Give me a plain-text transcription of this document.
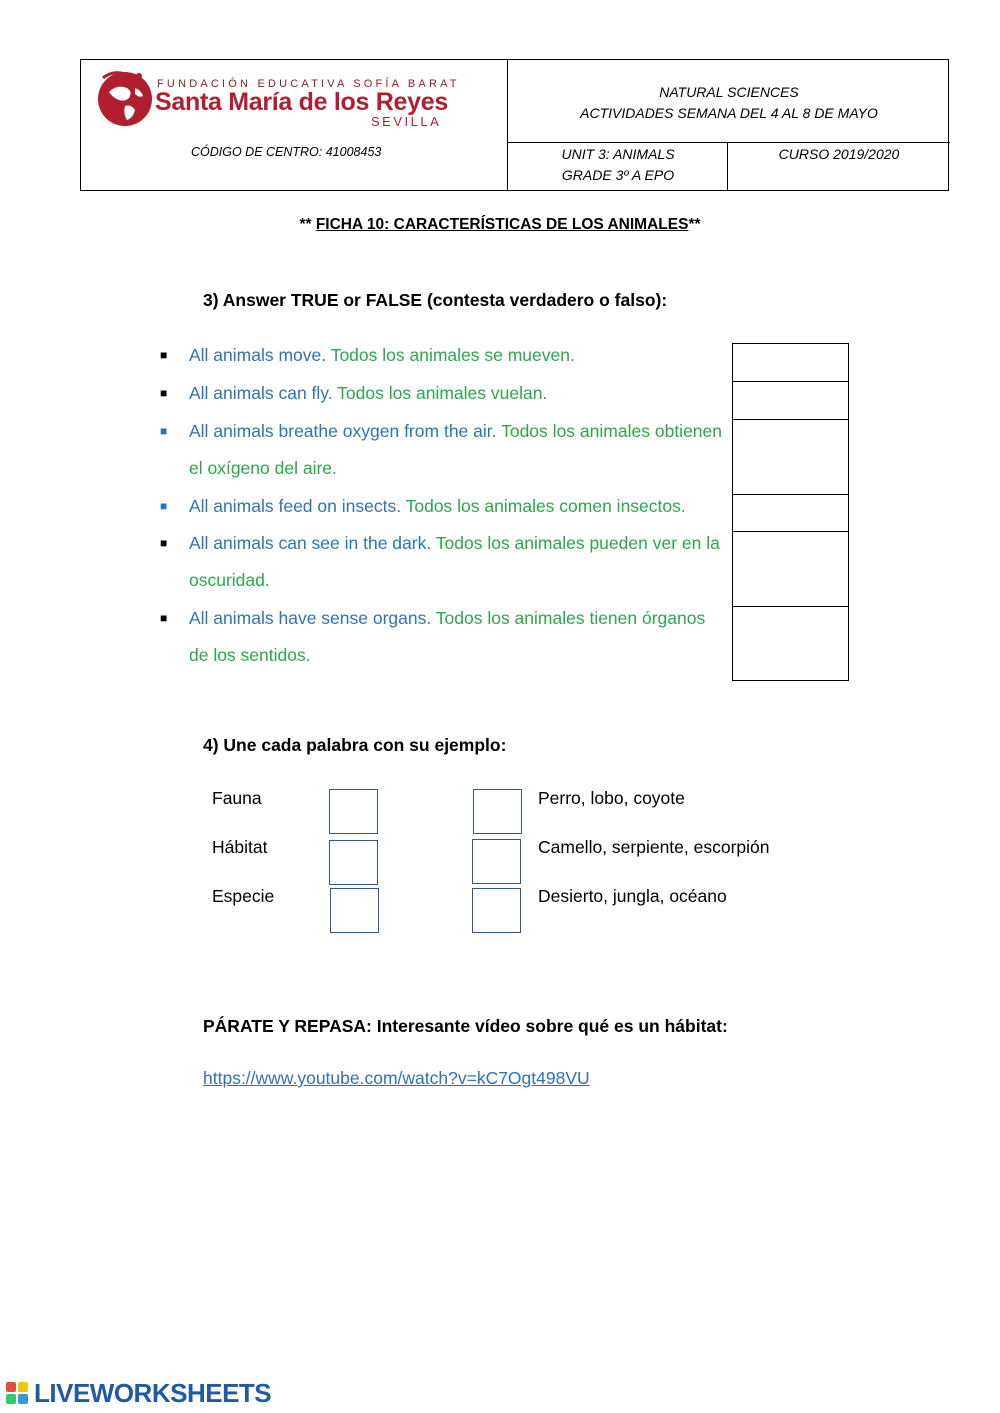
FUNDACIÓN EDUCATIVA SOFÍA BARAT
Santa María de los Reyes
SEVILLA
CÓDIGO DE CENTRO: 41008453
NATURAL SCIENCES
ACTIVIDADES SEMANA DEL 4 AL 8 DE MAYO
UNIT 3: ANIMALS
GRADE 3º A EPO
CURSO 2019/2020
** FICHA 10: CARACTERÍSTICAS DE LOS ANIMALES**
3) Answer TRUE or FALSE (contesta verdadero o falso):
■ All animals move. Todos los animales se mueven.
■ All animals can fly. Todos los animales vuelan.
■ All animals breathe oxygen from the air. Todos los animales obtienen el oxígeno del aire.
■ All animals feed on insects. Todos los animales comen insectos.
■ All animals can see in the dark. Todos los animales pueden ver en la oscuridad.
■ All animals have sense organs. Todos los animales tienen órganos de los sentidos.
4) Une cada palabra con su ejemplo:
Fauna
Hábitat
Especie
Perro, lobo, coyote
Camello, serpiente, escorpión
Desierto, jungla, océano
PÁRATE Y REPASA: Interesante vídeo sobre qué es un hábitat:
https://www.youtube.com/watch?v=kC7Ogt498VU
LIVEWORKSHEETS
